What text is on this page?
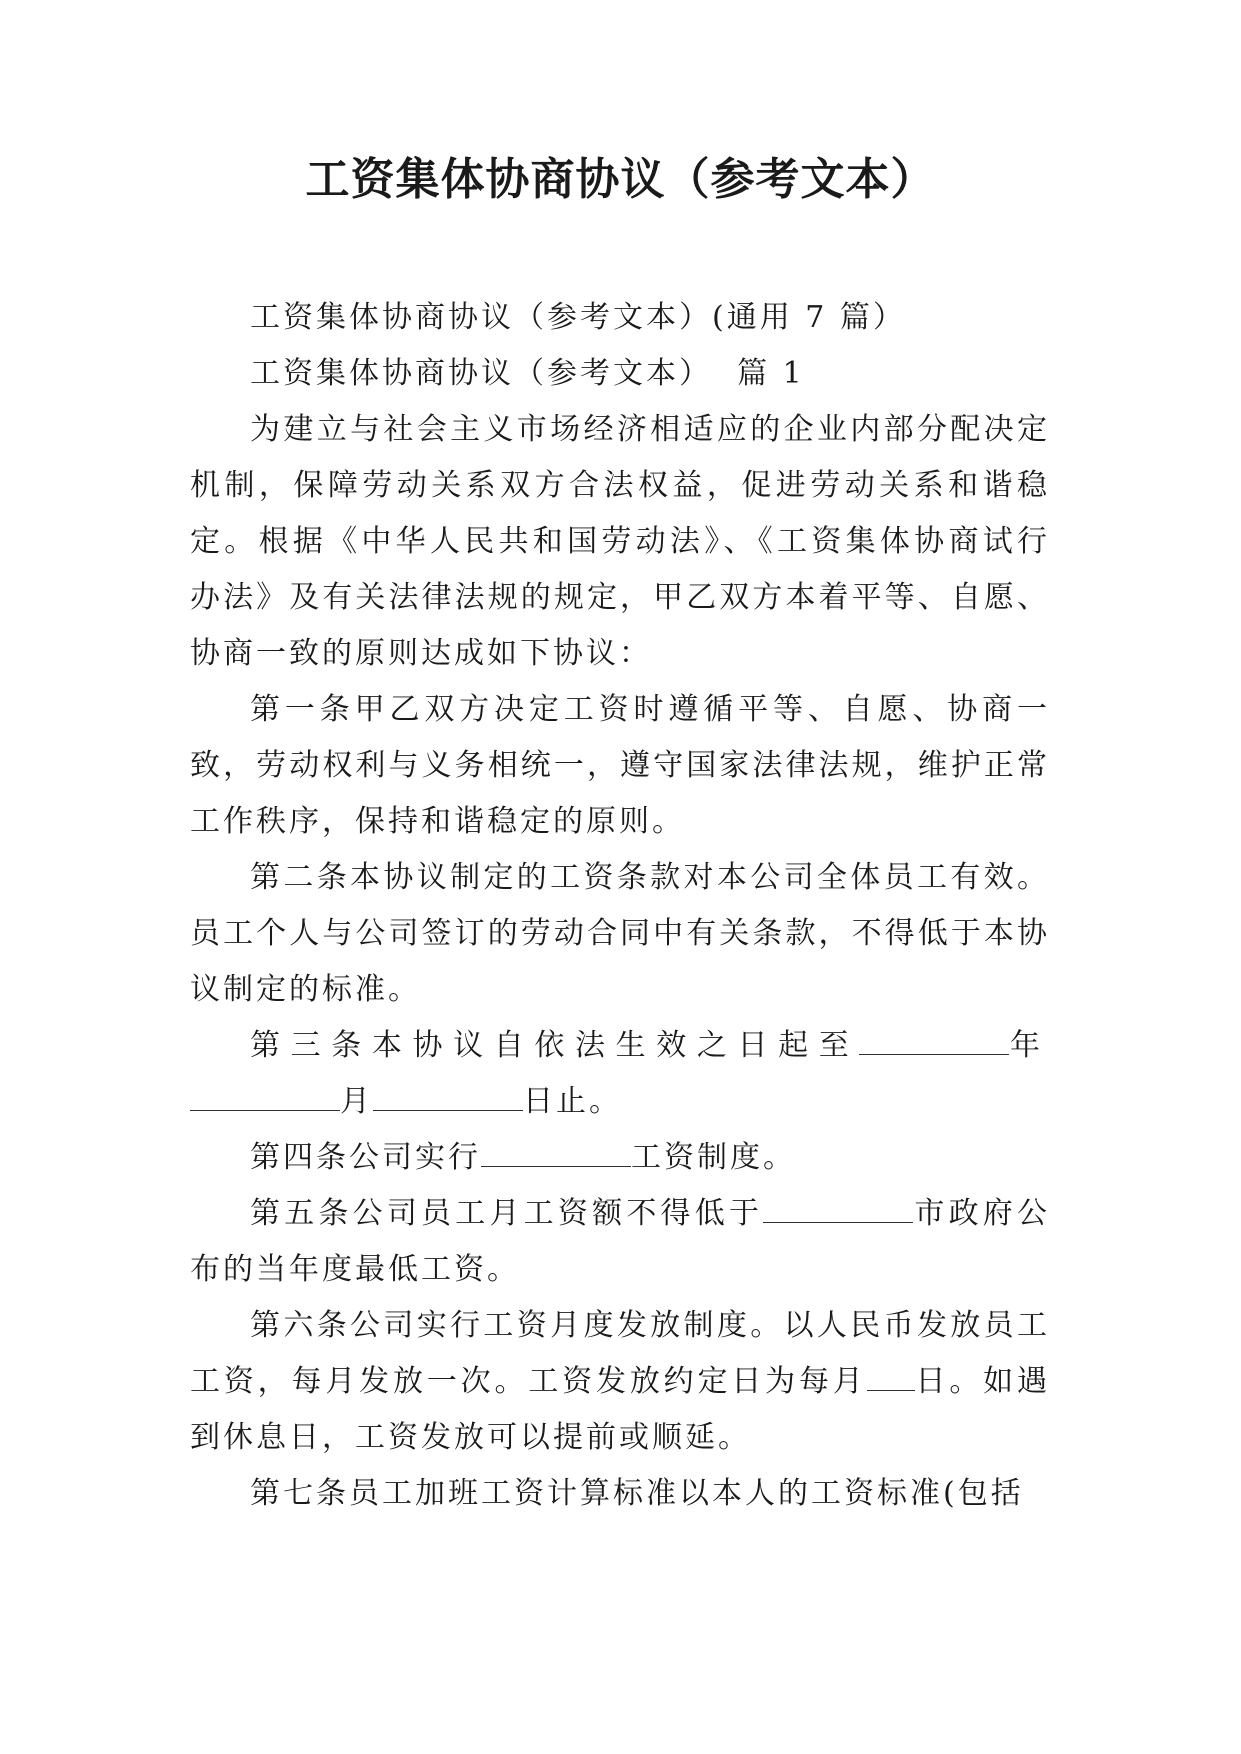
工资集体协商协议（参考文本）

工资集体协商协议（参考文本）(通用 7 篇）

工资集体协商协议（参考文本）  篇 1

为建立与社会主义市场经济相适应的企业内部分配决定机制，保障劳动关系双方合法权益，促进劳动关系和谐稳定。根据《中华人民共和国劳动法》、《工资集体协商试行办法》及有关法律法规的规定，甲乙双方本着平等、自愿、协商一致的原则达成如下协议：

第一条甲乙双方决定工资时遵循平等、自愿、协商一致，劳动权利与义务相统一，遵守国家法律法规，维护正常工作秩序，保持和谐稳定的原则。

第二条本协议制定的工资条款对本公司全体员工有效。员工个人与公司签订的劳动合同中有关条款，不得低于本协议制定的标准。

第三条本协议自依法生效之日起至	年月	日止。

第四条公司实行	工资制度。

第五条公司员工月工资额不得低于	市政府公布的当年度最低工资。

第六条公司实行工资月度发放制度。以人民币发放员工工资，每月发放一次。工资发放约定日为每月 日。如遇到休息日，工资发放可以提前或顺延。

第七条员工加班工资计算标准以本人的工资标准(包括
